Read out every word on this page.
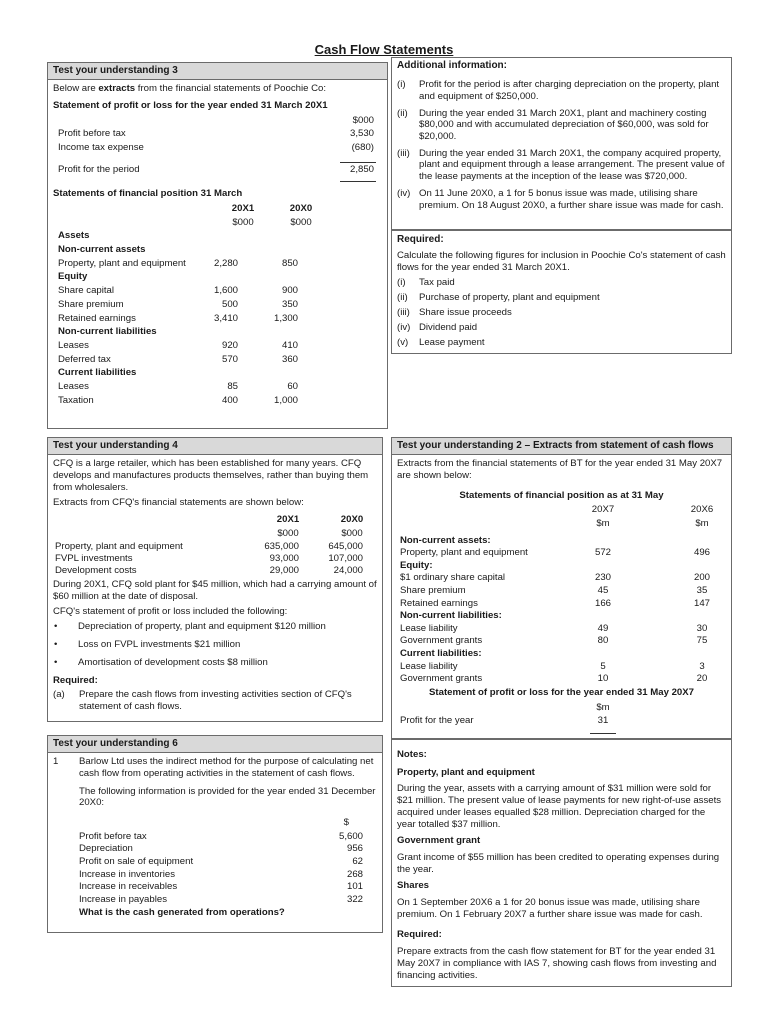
Cash Flow Statements
Test your understanding 3

Below are extracts from the financial statements of Poochie Co:

Statement of profit or loss for the year ended 31 March 20X1

$000
Profit before tax	3,530
Income tax expense	(680)
Profit for the period	2,850

Statements of financial position 31 March

20X1	20X0
$000	$000
Assets
Non-current assets
Property, plant and equipment	2,280	850
Equity
Share capital	1,600	900
Share premium	500	350
Retained earnings	3,410	1,300
Non-current liabilities
Leases	920	410
Deferred tax	570	360
Current liabilities
Leases	85	60
Taxation	400	1,000
Additional information:
(i) Profit for the period is after charging depreciation on the property, plant and equipment of $250,000.
(ii) During the year ended 31 March 20X1, plant and machinery costing $80,000 and with accumulated depreciation of $60,000, was sold for $20,000.
(iii) During the year ended 31 March 20X1, the company acquired property, plant and equipment through a lease arrangement. The present value of the lease payments at the inception of the lease was $720,000.
(iv) On 11 June 20X0, a 1 for 5 bonus issue was made, utilising share premium. On 18 August 20X0, a further share issue was made for cash.

Required:

Calculate the following figures for inclusion in Poochie Co's statement of cash flows for the year ended 31 March 20X1.

(i) Tax paid
(ii) Purchase of property, plant and equipment
(iii) Share issue proceeds
(iv) Dividend paid
(v) Lease payment
Test your understanding 4

CFQ is a large retailer, which has been established for many years. CFQ develops and manufactures products themselves, rather than buying them from wholesalers.

Extracts from CFQ's financial statements are shown below:

20X1	20X0
$000	$000
Property, plant and equipment	635,000	645,000
FVPL investments	93,000	107,000
Development costs	29,000	24,000

During 20X1, CFQ sold plant for $45 million, which had a carrying amount of $60 million at the date of disposal.

CFQ's statement of profit or loss included the following:

• Depreciation of property, plant and equipment $120 million
• Loss on FVPL investments $21 million
• Amortisation of development costs $8 million

Required:

(a) Prepare the cash flows from investing activities section of CFQ's statement of cash flows.
Test your understanding 6
1 Barlow Ltd uses the indirect method for the purpose of calculating net cash flow from operating activities in the statement of cash flows.

The following information is provided for the year ended 31 December 20X0:

$
Profit before tax	5,600
Depreciation	956
Profit on sale of equipment	62
Increase in inventories	268
Increase in receivables	101
Increase in payables	322

What is the cash generated from operations?

Test your understanding 2 – Extracts from statement of cash flows

Extracts from the financial statements of BT for the year ended 31 May 20X7 are shown below:

Statements of financial position as at 31 May

20X7	20X6
$m	$m
Non-current assets:
Property, plant and equipment	572	496
Equity:
$1 ordinary share capital	230	200
Share premium	45	35
Retained earnings	166	147
Non-current liabilities:
Lease liability	49	30
Government grants	80	75
Current liabilities:
Lease liability	5	3
Government grants	10	20

Statement of profit or loss for the year ended 31 May 20X7

$m
Profit for the year	31

Notes:

Property, plant and equipment

During the year, assets with a carrying amount of $31 million were sold for $21 million. The present value of lease payments for new right-of-use assets acquired under leases equalled $28 million. Depreciation charged for the year totalled $37 million.

Government grant

Grant income of $55 million has been credited to operating expenses during the year.

Shares

On 1 September 20X6 a 1 for 20 bonus issue was made, utilising share premium. On 1 February 20X7 a further share issue was made for cash.

Required:

Prepare extracts from the cash flow statement for BT for the year ended 31 May 20X7 in compliance with IAS 7, showing cash flows from investing and financing activities.
